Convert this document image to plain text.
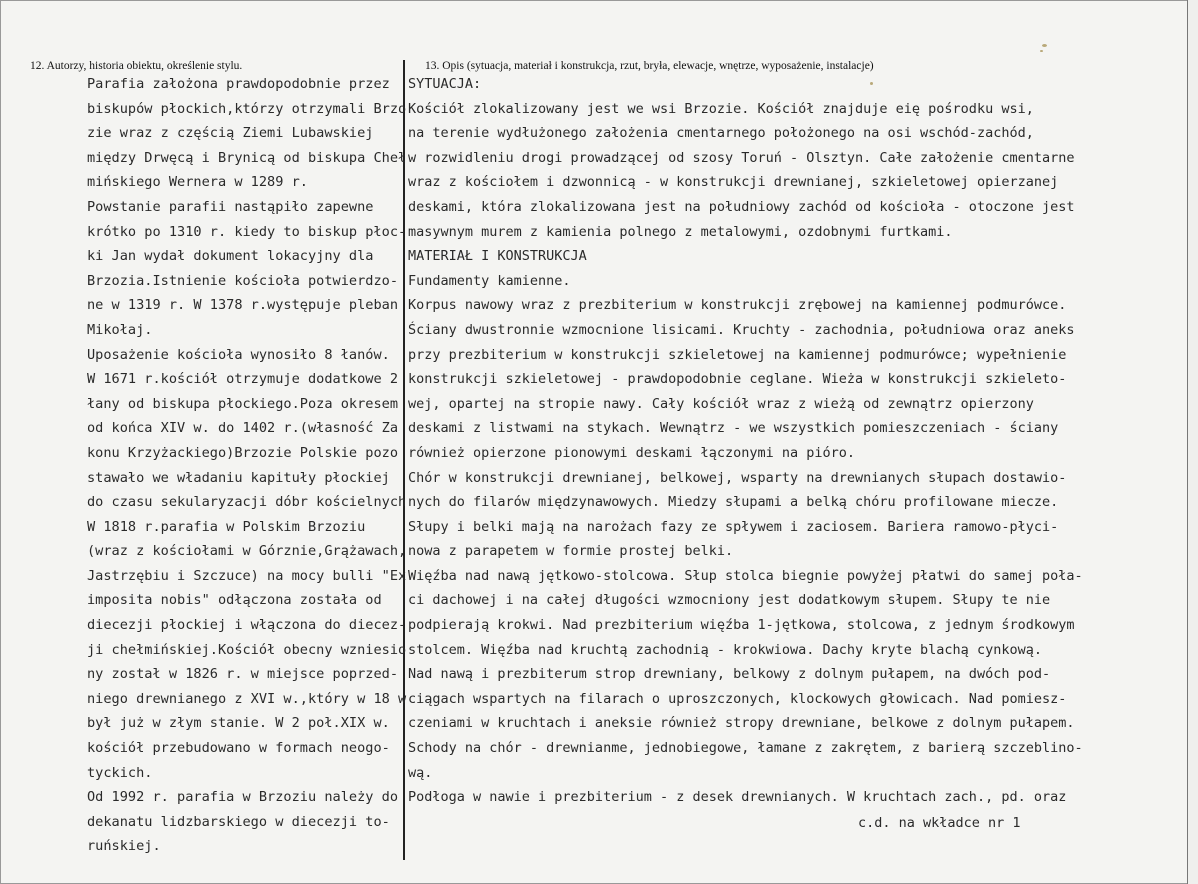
12. Autorzy, historia obiektu, określenie stylu.	13. Opis (sytuacja, materiał i konstrukcja, rzut, bryła, elewacje, wnętrze, wyposażenie, instalacje)
Parafia założona prawdopodobnie przez
biskupów płockich,którzy otrzymali Brzo
zie wraz z częścią Ziemi Lubawskiej
między Drwęcą i Brynicą od biskupa Cheł
mińskiego Wernera w 1289 r.
Powstanie parafii nastąpiło zapewne
krótko po 1310 r. kiedy to biskup płoc-
ki Jan wydał dokument lokacyjny dla
Brzozia.Istnienie kościoła potwierdzo-
ne w 1319 r. W 1378 r.występuje pleban
Mikołaj.
Uposażenie kościoła wynosiło 8 łanów.
W 1671 r.kościół otrzymuje dodatkowe 2
łany od biskupa płockiego.Poza okresem
od końca XIV w. do 1402 r.(własność Za
konu Krzyżackiego)Brzozie Polskie pozo
stawało we władaniu kapituły płockiej
do czasu sekularyzacji dóbr kościelnych
W 1818 r.parafia w Polskim Brzoziu
(wraz z kościołami w Górznie,Grążawach,
Jastrzębiu i Szczuce) na mocy bulli "Ex
imposita nobis" odłączona została od
diecezji płockiej i włączona do diecez-
ji chełmińskiej.Kościół obecny wzniesio
ny został w 1826 r. w miejsce poprzed-
niego drewnianego z XVI w.,który w 18 w
był już w złym stanie. W 2 poł.XIX w.
kościół przebudowano w formach neogo-
tyckich.
Od 1992 r. parafia w Brzoziu należy do
dekanatu lidzbarskiego w diecezji to-
ruńskiej.
SYTUACJA:
Kościół zlokalizowany jest we wsi Brzozie. Kościół znajduje eię pośrodku wsi,
na terenie wydłużonego założenia cmentarnego położonego na osi wschód-zachód,
w rozwidleniu drogi prowadzącej od szosy Toruń - Olsztyn. Całe założenie cmentarne
wraz z kościołem i dzwonnicą - w konstrukcji drewnianej, szkieletowej opierzanej
deskami, która zlokalizowana jest na południowy zachód od kościoła - otoczone jest
masywnym murem z kamienia polnego z metalowymi, ozdobnymi furtkami.
MATERIAŁ I KONSTRUKCJA
Fundamenty kamienne.
Korpus nawowy wraz z prezbiterium w konstrukcji zrębowej na kamiennej podmurówce.
Ściany dwustronnie wzmocnione lisicami. Kruchty - zachodnia, południowa oraz aneks
przy prezbiterium w konstrukcji szkieletowej na kamiennej podmurówce; wypełnienie
konstrukcji szkieletowej - prawdopodobnie ceglane. Wieża w konstrukcji szkieleto-
wej, opartej na stropie nawy. Cały kościół wraz z wieżą od zewnątrz opierzony
deskami z listwami na stykach. Wewnątrz - we wszystkich pomieszczeniach - ściany
również opierzone pionowymi deskami łączonymi na pióro.
Chór w konstrukcji drewnianej, belkowej, wsparty na drewnianych słupach dostawio-
nych do filarów międzynawowych. Miedzy słupami a belką chóru profilowane miecze.
Słupy i belki mają na narożach fazy ze spływem i zaciosem. Bariera ramowo-płyci-
nowa z parapetem w formie prostej belki.
Więźba nad nawą jętkowo-stolcowa. Słup stolca biegnie powyżej płatwi do samej poła-
ci dachowej i na całej długości wzmocniony jest dodatkowym słupem. Słupy te nie
podpierają krokwi. Nad prezbiterium więźba 1-jętkowa, stolcowa, z jednym środkowym
stolcem. Więźba nad kruchtą zachodnią - krokwiowa. Dachy kryte blachą cynkową.
Nad nawą i prezbiterum strop drewniany, belkowy z dolnym pułapem, na dwóch pod-
ciągach wspartych na filarach o uproszczonych, klockowych głowicach. Nad pomiesz-
czeniami w kruchtach i aneksie również stropy drewniane, belkowe z dolnym pułapem.
Schody na chór - drewnianme, jednobiegowe, łamane z zakrętem, z barierą szczeblino-
wą.
Podłoga w nawie i prezbiterium - z desek drewnianych. W kruchtach zach., pd. oraz
c.d. na wkładce nr 1
